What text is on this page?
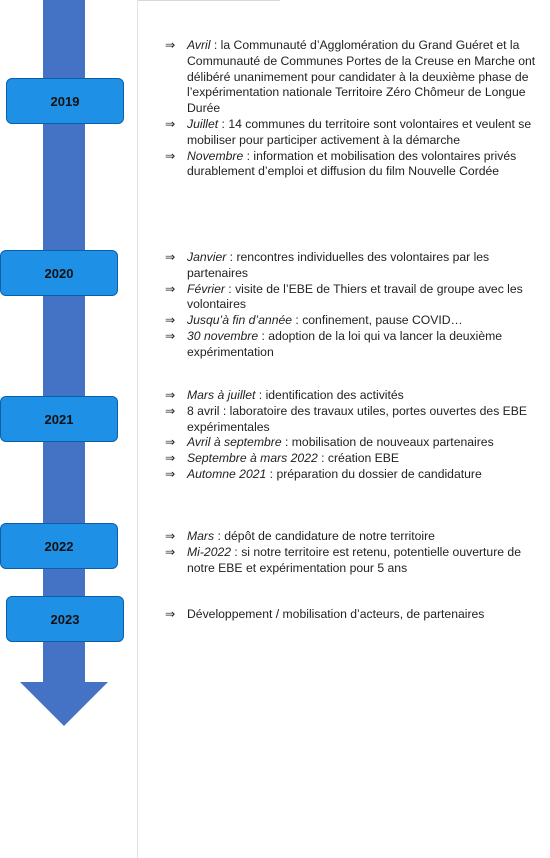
2019
⇒ Avril : la Communauté d’Agglomération du Grand Guéret et la Communauté de Communes Portes de la Creuse en Marche ont délibéré unanimement pour candidater à la deuxième phase de l’expérimentation nationale Territoire Zéro Chômeur de Longue Durée
⇒ Juillet : 14 communes du territoire sont volontaires et veulent se mobiliser pour participer activement à la démarche
⇒ Novembre : information et mobilisation des volontaires privés durablement d’emploi et diffusion du film Nouvelle Cordée
2020
⇒ Janvier : rencontres individuelles des volontaires par les partenaires
⇒ Février : visite de l’EBE de Thiers et travail de groupe avec les volontaires
⇒ Jusqu’à fin d’année : confinement, pause COVID…
⇒ 30 novembre : adoption de la loi qui va lancer la deuxième expérimentation
2021
⇒ Mars à juillet : identification des activités
⇒ 8 avril : laboratoire des travaux utiles, portes ouvertes des EBE expérimentales
⇒ Avril à septembre : mobilisation de nouveaux partenaires
⇒ Septembre à mars 2022 : création EBE
⇒ Automne 2021 : préparation du dossier de candidature
2022
⇒ Mars : dépôt de candidature de notre territoire
⇒ Mi-2022 : si notre territoire est retenu, potentielle ouverture de notre EBE et expérimentation pour 5 ans
2023	⇒ Développement / mobilisation d’acteurs, de partenaires
